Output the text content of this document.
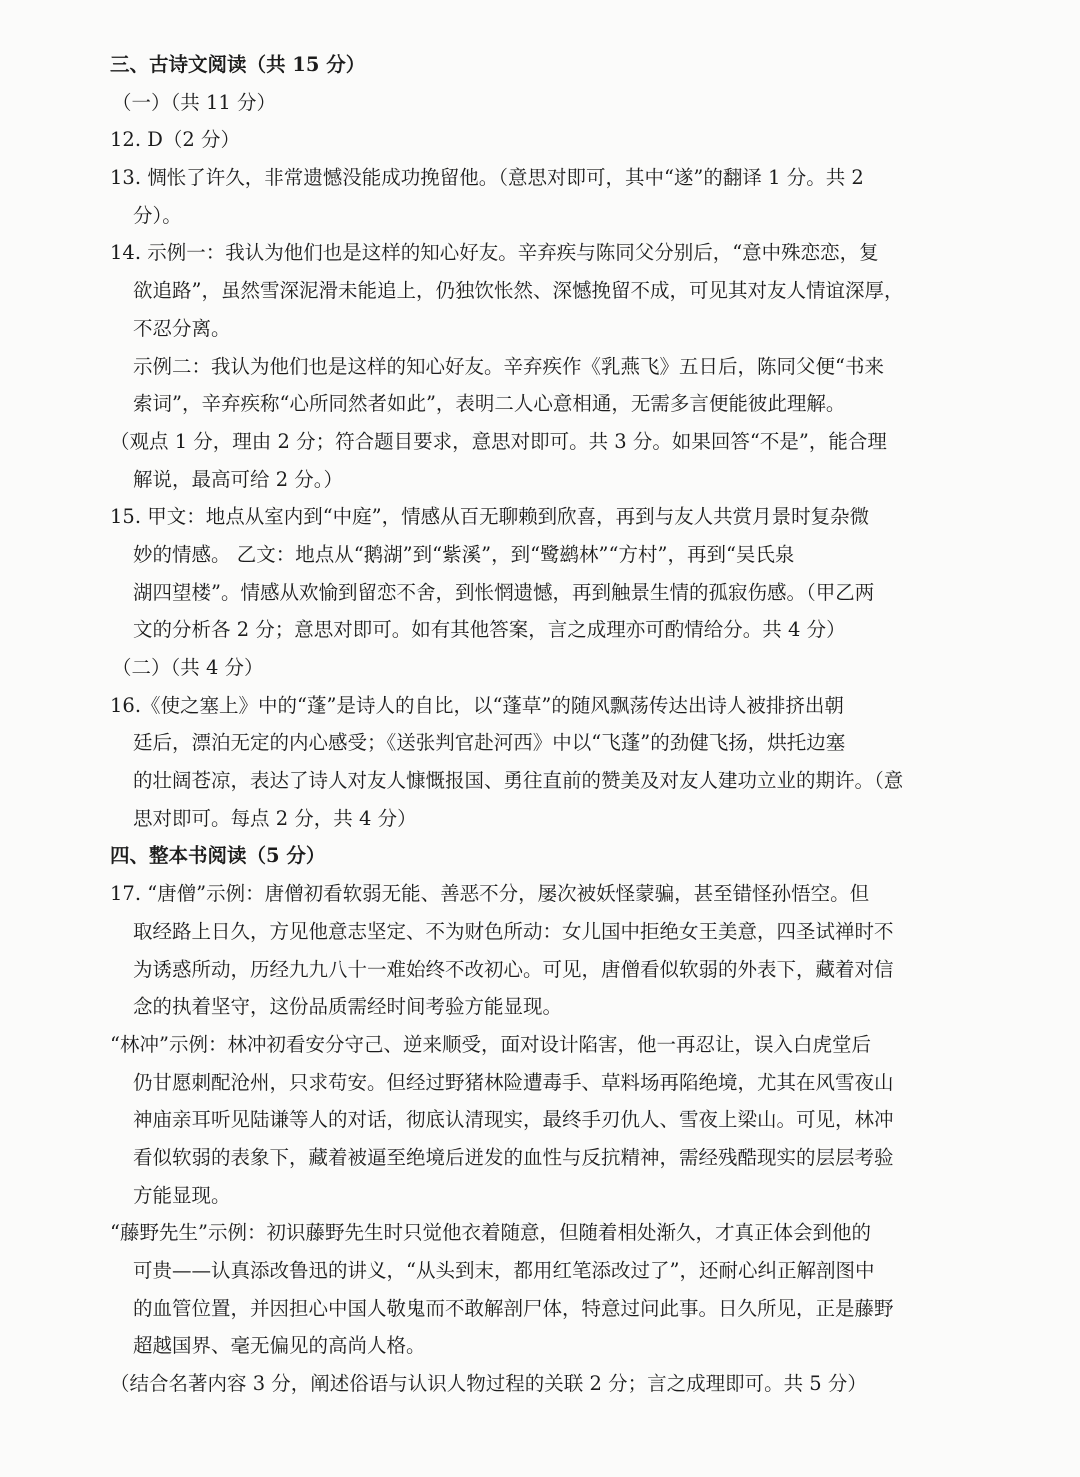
三、古诗文阅读（共 15 分）
（一）（共 11 分）
12. D（2 分）
13. 惆怅了许久，非常遗憾没能成功挽留他。（意思对即可，其中“遂”的翻译 1 分。共 2
分）。
14. 示例一：我认为他们也是这样的知心好友。辛弃疾与陈同父分别后，“意中殊恋恋，复
欲追路”，虽然雪深泥滑未能追上，仍独饮怅然、深憾挽留不成，可见其对友人情谊深厚，
不忍分离。
示例二：我认为他们也是这样的知心好友。辛弃疾作《乳燕飞》五日后，陈同父便“书来
索词”，辛弃疾称“心所同然者如此”，表明二人心意相通，无需多言便能彼此理解。
（观点 1 分，理由 2 分；符合题目要求，意思对即可。共 3 分。如果回答“不是”，能合理
解说，最高可给 2 分。）
15. 甲文：地点从室内到“中庭”，情感从百无聊赖到欣喜，再到与友人共赏月景时复杂微
妙的情感。 乙文：地点从“鹅湖”到“紫溪”，到“鹭鹚林”“方村”，再到“吴氏泉
湖四望楼”。情感从欢愉到留恋不舍，到怅惘遗憾，再到触景生情的孤寂伤感。（甲乙两
文的分析各 2 分；意思对即可。如有其他答案，言之成理亦可酌情给分。共 4 分）
（二）（共 4 分）
16.《使之塞上》中的“蓬”是诗人的自比，以“蓬草”的随风飘荡传达出诗人被排挤出朝
廷后，漂泊无定的内心感受；《送张判官赴河西》中以“飞蓬”的劲健飞扬，烘托边塞
的壮阔苍凉，表达了诗人对友人慷慨报国、勇往直前的赞美及对友人建功立业的期许。（意
思对即可。每点 2 分，共 4 分）
四、整本书阅读（5 分）
17. “唐僧”示例：唐僧初看软弱无能、善恶不分，屡次被妖怪蒙骗，甚至错怪孙悟空。但
取经路上日久，方见他意志坚定、不为财色所动：女儿国中拒绝女王美意，四圣试禅时不
为诱惑所动，历经九九八十一难始终不改初心。可见，唐僧看似软弱的外表下，藏着对信
念的执着坚守，这份品质需经时间考验方能显现。
“林冲”示例：林冲初看安分守己、逆来顺受，面对设计陷害，他一再忍让，误入白虎堂后
仍甘愿刺配沧州，只求苟安。但经过野猪林险遭毒手、草料场再陷绝境，尤其在风雪夜山
神庙亲耳听见陆谦等人的对话，彻底认清现实，最终手刃仇人、雪夜上梁山。可见，林冲
看似软弱的表象下，藏着被逼至绝境后迸发的血性与反抗精神，需经残酷现实的层层考验
方能显现。
“藤野先生”示例：初识藤野先生时只觉他衣着随意，但随着相处渐久，才真正体会到他的
可贵——认真添改鲁迅的讲义，“从头到末，都用红笔添改过了”，还耐心纠正解剖图中
的血管位置，并因担心中国人敬鬼而不敢解剖尸体，特意过问此事。日久所见，正是藤野
超越国界、毫无偏见的高尚人格。
（结合名著内容 3 分，阐述俗语与认识人物过程的关联 2 分；言之成理即可。共 5 分）
